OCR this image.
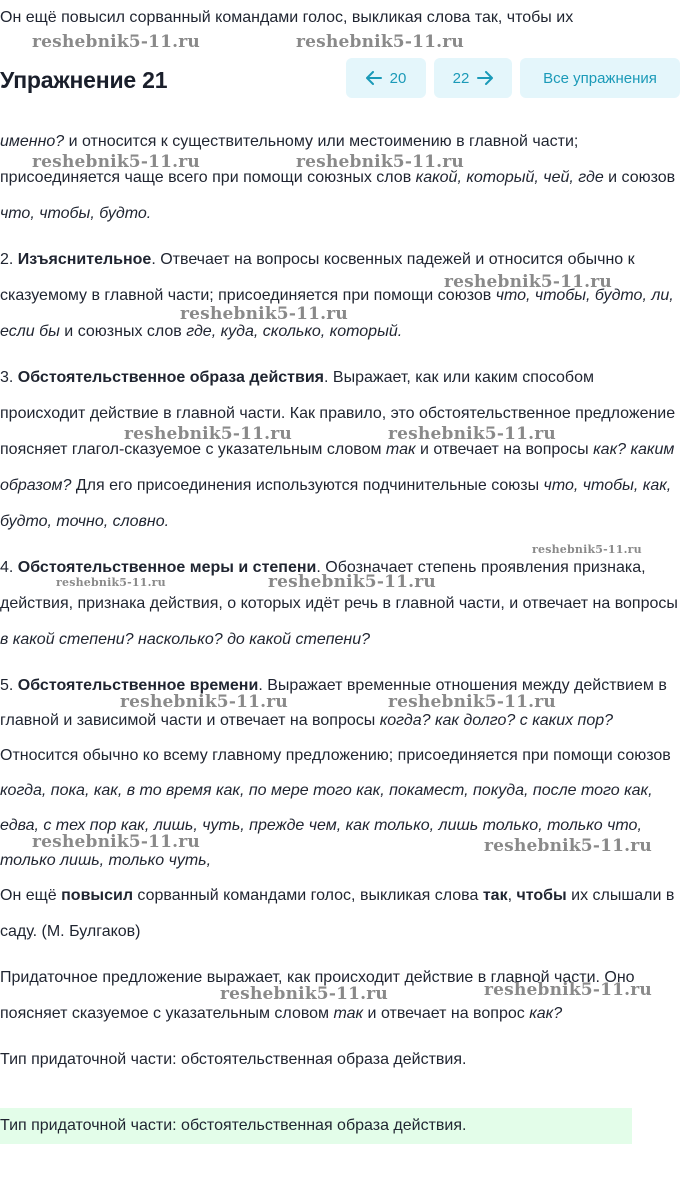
Он ещё повысил сорванный командами голос, выкликая слова так, чтобы их
Упражнение 21	20	22	Все упражнения

именно? и относится к существительному или местоимению в главной части; присоединяется чаще всего при помощи союзных слов какой, который, чей, где и союзов что, чтобы, будто.

2. Изъяснительное. Отвечает на вопросы косвенных падежей и относится обычно к сказуемому в главной части; присоединяется при помощи союзов что, чтобы, будто, ли, если бы и союзных слов где, куда, сколько, который.

3. Обстоятельственное образа действия. Выражает, как или каким способом происходит действие в главной части. Как правило, это обстоятельственное предложение поясняет глагол-сказуемое с указательным словом так и отвечает на вопросы как? каким образом? Для его присоединения используются подчинительные союзы что, чтобы, как, будто, точно, словно.

4. Обстоятельственное меры и степени. Обозначает степень проявления признака, действия, признака действия, о которых идёт речь в главной части, и отвечает на вопросы в какой степени? насколько? до какой степени?

5. Обстоятельственное времени. Выражает временные отношения между действием в главной и зависимой части и отвечает на вопросы когда? как долго? с каких пор? Относится обычно ко всему главному предложению; присоединяется при помощи союзов когда, пока, как, в то время как, по мере того как, покамест, покуда, после того как, едва, с тех пор как, лишь, чуть, прежде чем, как только, лишь только, только что, только лишь, только чуть,

Он ещё повысил сорванный командами голос, выкликая слова так, чтобы их слышали в саду. (М. Булгаков)

Придаточное предложение выражает, как происходит действие в главной части. Оно поясняет сказуемое с указательным словом так и отвечает на вопрос как?

Тип придаточной части: обстоятельственная образа действия.

Тип придаточной части: обстоятельственная образа действия.
reshebnik5-11.ru	reshebnik5-11.ru
reshebnik5-11.ru	reshebnik5-11.ru
reshebnik5-11.ru
reshebnik5-11.ru
reshebnik5-11.ru	reshebnik5-11.ru
reshebnik5-11.ru
reshebnik5-11.ru	reshebnik5-11.ru
reshebnik5-11.ru	reshebnik5-11.ru
reshebnik5-11.ru	reshebnik5-11.ru
reshebnik5-11.ru	reshebnik5-11.ru
